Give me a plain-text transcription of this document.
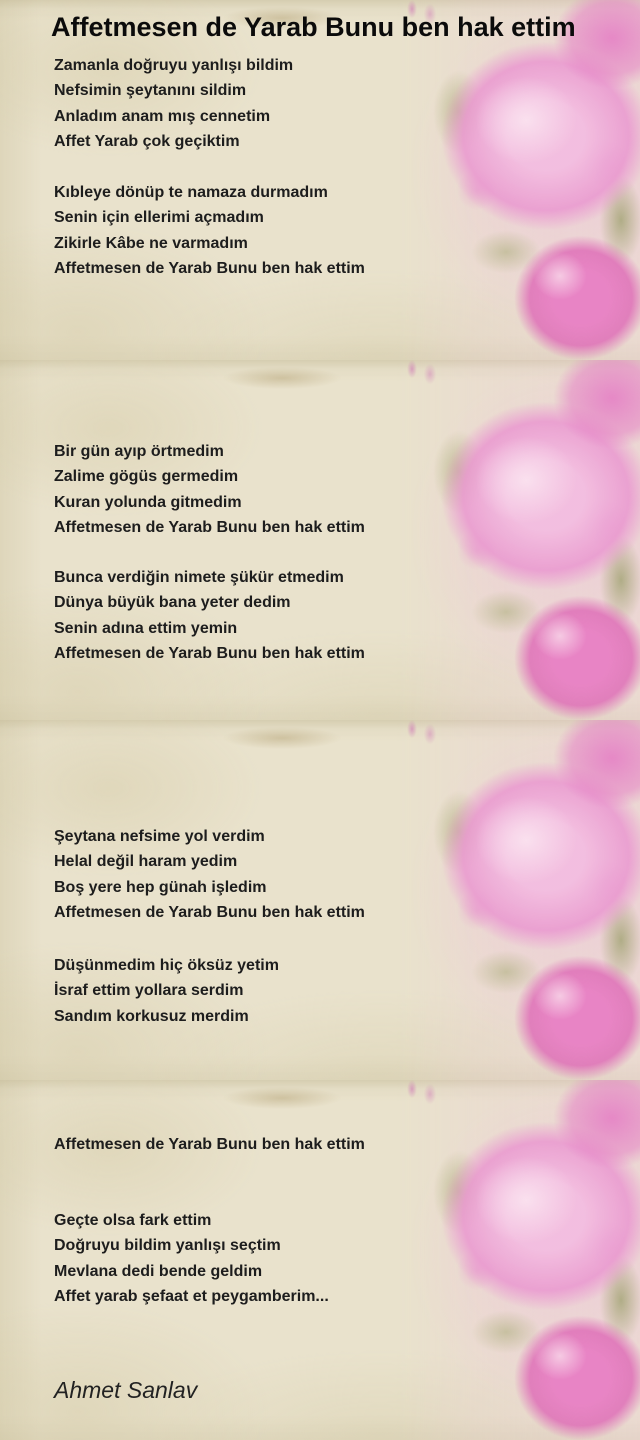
Affetmesen de Yarab Bunu ben hak ettim

Zamanla doğruyu yanlışı bildim

Nefsimin şeytanını sildim

Anladım anam mış cennetim

Affet Yarab çok geçiktim

Kıbleye dönüp te namaza durmadım

Senin için ellerimi açmadım

Zikirle Kâbe ne varmadım

Affetmesen de Yarab Bunu ben hak ettim

Bir gün ayıp örtmedim

Zalime gögüs germedim

Kuran yolunda gitmedim

Affetmesen de Yarab Bunu ben hak ettim

Bunca verdiğin nimete şükür etmedim

Dünya büyük bana yeter dedim

Senin adına ettim yemin

Affetmesen de Yarab Bunu ben hak ettim

Şeytana nefsime yol verdim

Helal değil haram yedim

Boş yere hep günah işledim

Affetmesen de Yarab Bunu ben hak ettim

Düşünmedim hiç öksüz yetim

İsraf ettim yollara serdim

Sandım korkusuz merdim

Affetmesen de Yarab Bunu ben hak ettim

Geçte olsa fark ettim

Doğruyu bildim yanlışı seçtim

Mevlana dedi bende geldim

Affet yarab şefaat et peygamberim...

Ahmet Sanlav
